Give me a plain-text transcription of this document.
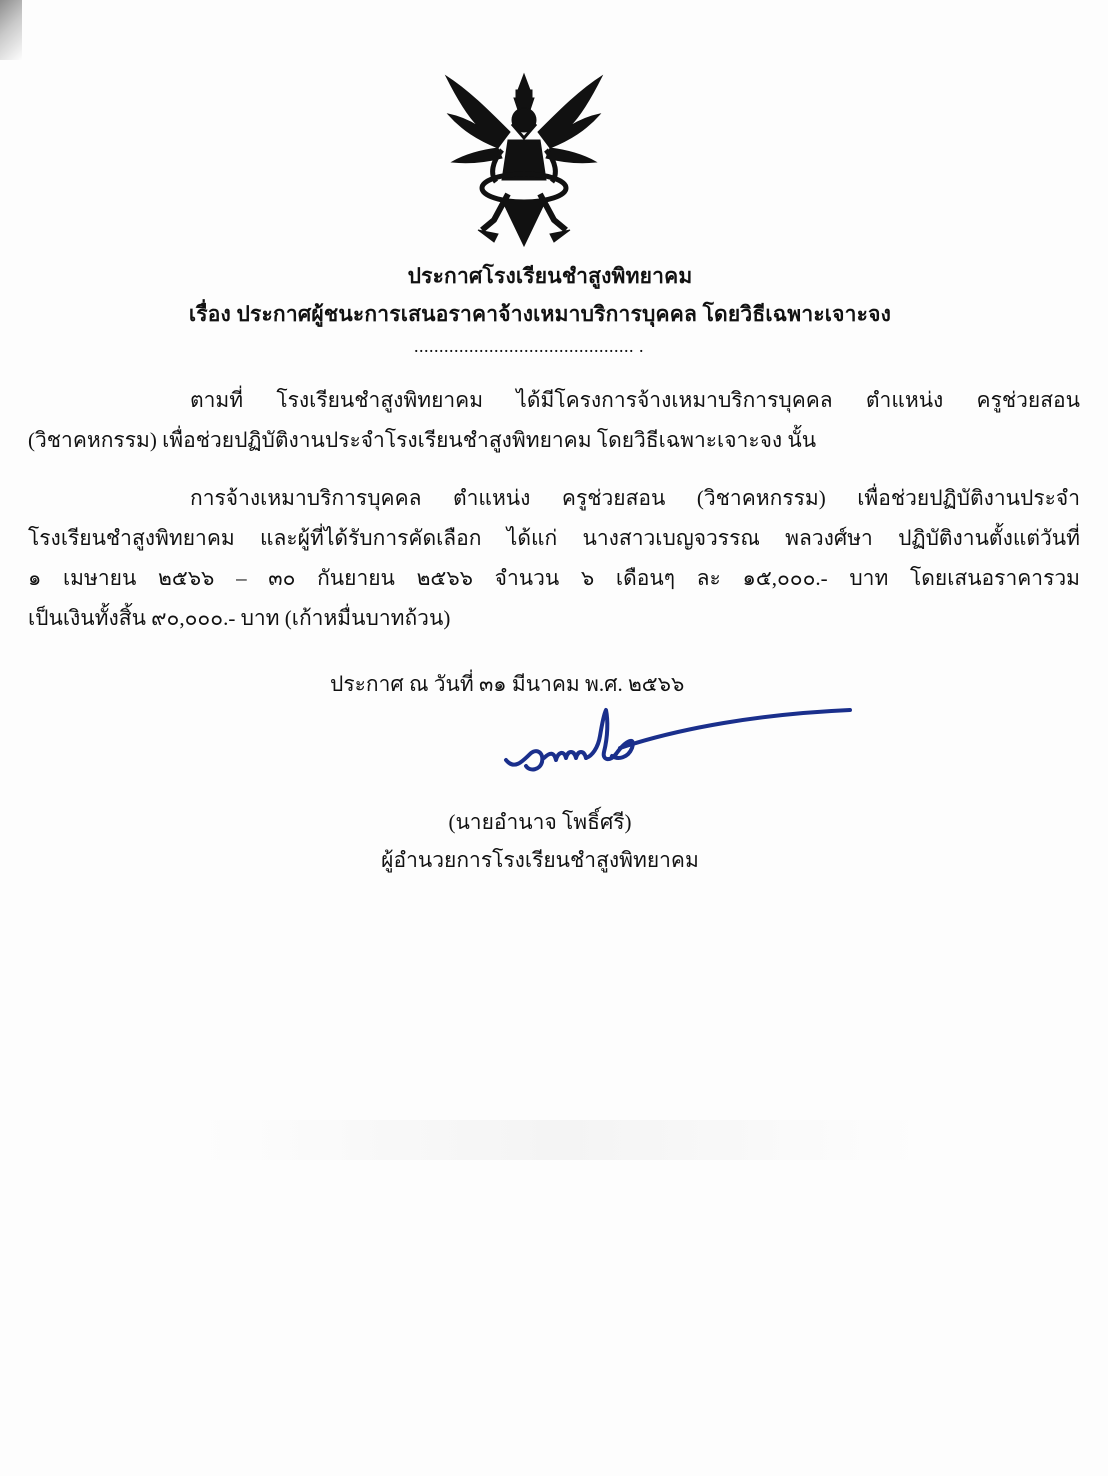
ประกาศโรงเรียนชำสูงพิทยาคม
เรื่อง ประกาศผู้ชนะการเสนอราคาจ้างเหมาบริการบุคคล โดยวิธีเฉพาะเจาะจง
............................................ .
ตามที่ โรงเรียนชำสูงพิทยาคม ได้มีโครงการจ้างเหมาบริการบุคคล ตำแหน่ง ครูช่วยสอน
(วิชาคหกรรม) เพื่อช่วยปฏิบัติงานประจำโรงเรียนชำสูงพิทยาคม โดยวิธีเฉพาะเจาะจง นั้น
การจ้างเหมาบริการบุคคล ตำแหน่ง ครูช่วยสอน (วิชาคหกรรม) เพื่อช่วยปฏิบัติงานประจำ
โรงเรียนชำสูงพิทยาคม และผู้ที่ได้รับการคัดเลือก ได้แก่ นางสาวเบญจวรรณ พลวงศ์ษา ปฏิบัติงานตั้งแต่วันที่
๑ เมษายน ๒๕๖๖ – ๓๐ กันยายน ๒๕๖๖ จำนวน ๖ เดือนๆ ละ ๑๕,๐๐๐.- บาท โดยเสนอราคารวม
เป็นเงินทั้งสิ้น ๙๐,๐๐๐.- บาท (เก้าหมื่นบาทถ้วน)
ประกาศ ณ วันที่ ๓๑ มีนาคม พ.ศ. ๒๕๖๖
(นายอำนาจ โพธิ์ศรี)
ผู้อำนวยการโรงเรียนชำสูงพิทยาคม
